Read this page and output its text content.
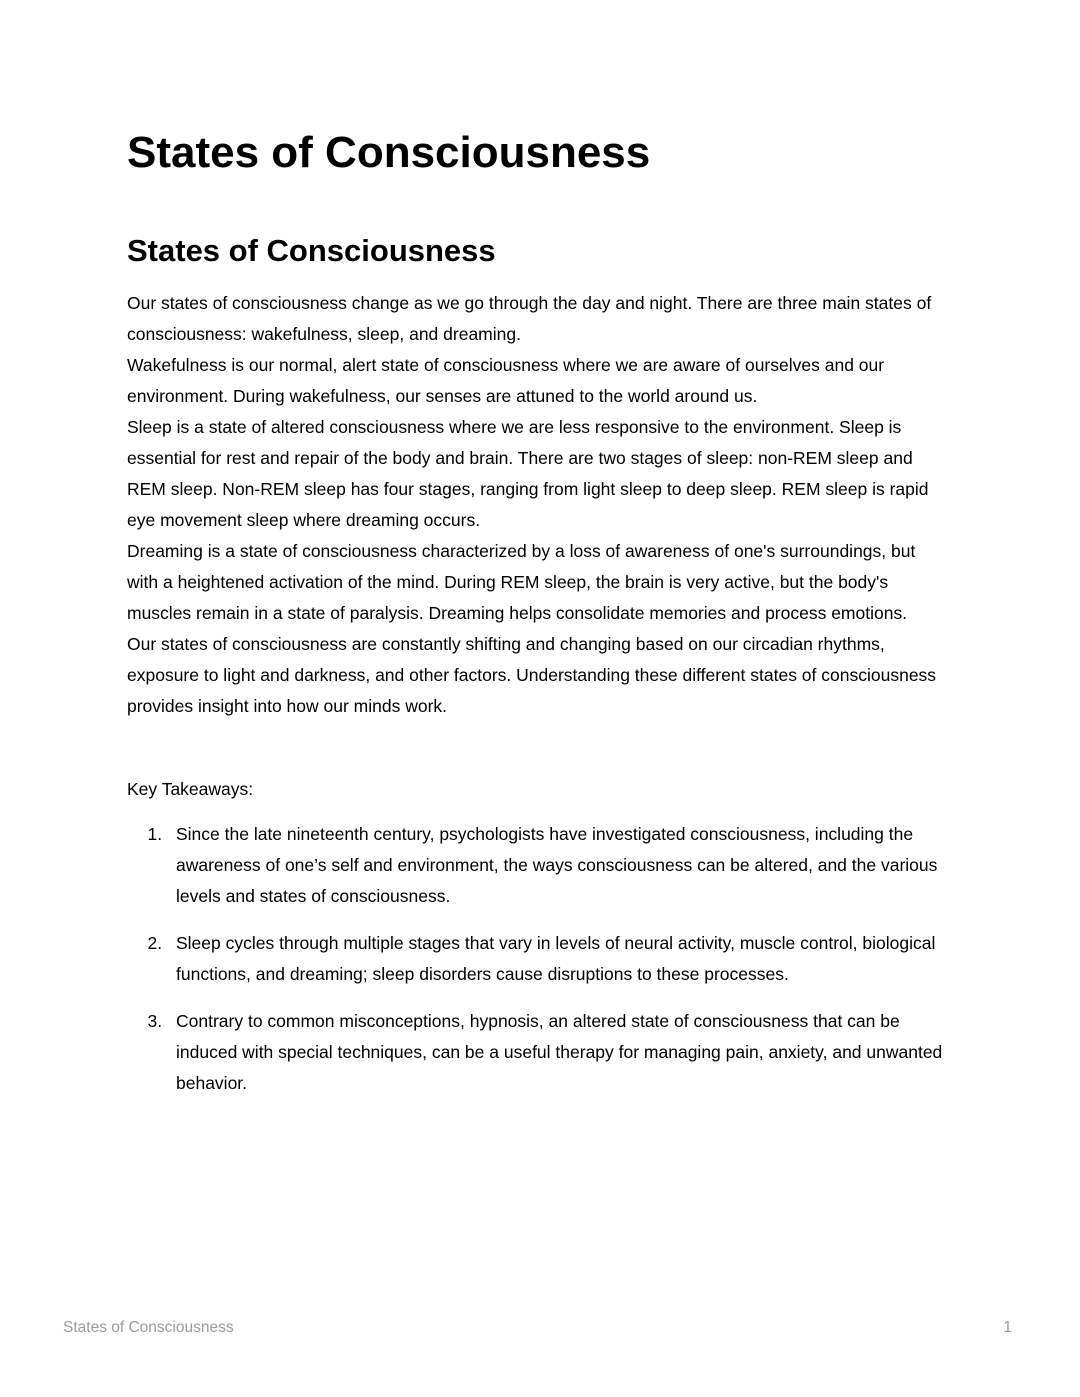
States of Consciousness
States of Consciousness

Our states of consciousness change as we go through the day and night. There are three main states of consciousness: wakefulness, sleep, and dreaming.

Wakefulness is our normal, alert state of consciousness where we are aware of ourselves and our environment. During wakefulness, our senses are attuned to the world around us.

Sleep is a state of altered consciousness where we are less responsive to the environment. Sleep is essential for rest and repair of the body and brain. There are two stages of sleep: non-REM sleep and REM sleep. Non-REM sleep has four stages, ranging from light sleep to deep sleep. REM sleep is rapid eye movement sleep where dreaming occurs.

Dreaming is a state of consciousness characterized by a loss of awareness of one's surroundings, but with a heightened activation of the mind. During REM sleep, the brain is very active, but the body's muscles remain in a state of paralysis. Dreaming helps consolidate memories and process emotions.

Our states of consciousness are constantly shifting and changing based on our circadian rhythms, exposure to light and darkness, and other factors. Understanding these different states of consciousness provides insight into how our minds work.

Key Takeaways:

1. Since the late nineteenth century, psychologists have investigated consciousness, including the awareness of one’s self and environment, the ways consciousness can be altered, and the various levels and states of consciousness.
2. Sleep cycles through multiple stages that vary in levels of neural activity, muscle control, biological functions, and dreaming; sleep disorders cause disruptions to these processes.
3. Contrary to common misconceptions, hypnosis, an altered state of consciousness that can be induced with special techniques, can be a useful therapy for managing pain, anxiety, and unwanted behavior.
States of Consciousness	1
